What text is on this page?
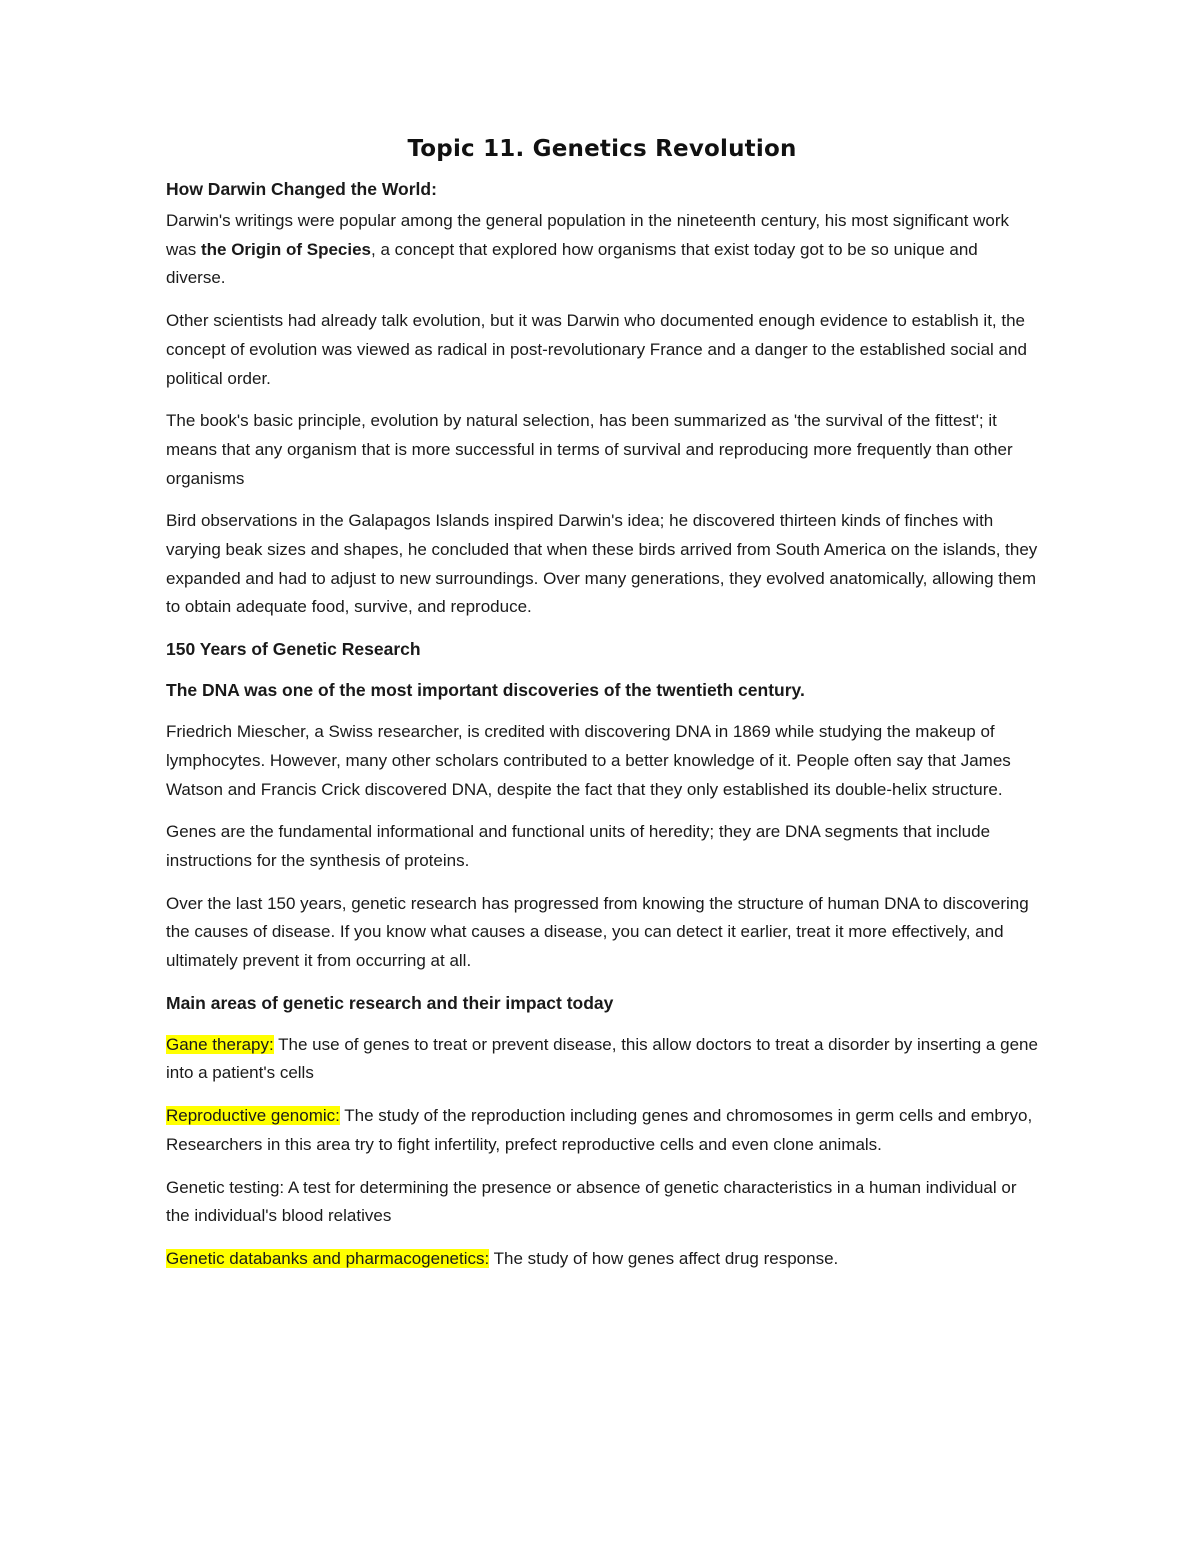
Topic 11. Genetics Revolution
How Darwin Changed the World:

Darwin's writings were popular among the general population in the nineteenth century, his most significant work was the Origin of Species, a concept that explored how organisms that exist today got to be so unique and diverse.

Other scientists had already talk evolution, but it was Darwin who documented enough evidence to establish it, the concept of evolution was viewed as radical in post-revolutionary France and a danger to the established social and political order.

The book's basic principle, evolution by natural selection, has been summarized as 'the survival of the fittest'; it means that any organism that is more successful in terms of survival and reproducing more frequently than other organisms

Bird observations in the Galapagos Islands inspired Darwin's idea; he discovered thirteen kinds of finches with varying beak sizes and shapes, he concluded that when these birds arrived from South America on the islands, they expanded and had to adjust to new surroundings. Over many generations, they evolved anatomically, allowing them to obtain adequate food, survive, and reproduce.

150 Years of Genetic Research
The DNA was one of the most important discoveries of the twentieth century.

Friedrich Miescher, a Swiss researcher, is credited with discovering DNA in 1869 while studying the makeup of lymphocytes. However, many other scholars contributed to a better knowledge of it. People often say that James Watson and Francis Crick discovered DNA, despite the fact that they only established its double-helix structure.

Genes are the fundamental informational and functional units of heredity; they are DNA segments that include instructions for the synthesis of proteins.

Over the last 150 years, genetic research has progressed from knowing the structure of human DNA to discovering the causes of disease. If you know what causes a disease, you can detect it earlier, treat it more effectively, and ultimately prevent it from occurring at all.

Main areas of genetic research and their impact today

Gane therapy: The use of genes to treat or prevent disease, this allow doctors to treat a disorder by inserting a gene into a patient's cells

Reproductive genomic: The study of the reproduction including genes and chromosomes in germ cells and embryo, Researchers in this area try to fight infertility, prefect reproductive cells and even clone animals.

Genetic testing: A test for determining the presence or absence of genetic characteristics in a human individual or the individual's blood relatives

Genetic databanks and pharmacogenetics: The study of how genes affect drug response.
